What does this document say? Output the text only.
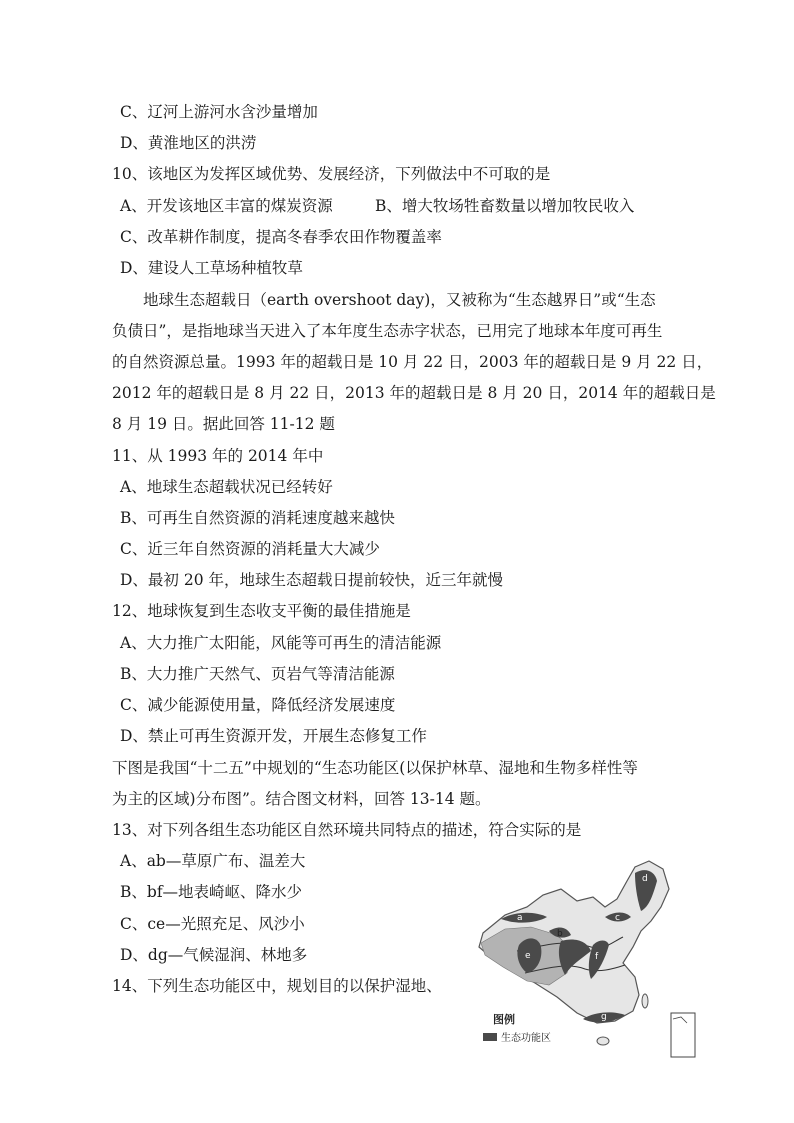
C、辽河上游河水含沙量增加
D、黄淮地区的洪涝
10、该地区为发挥区域优势、发展经济，下列做法中不可取的是
A、开发该地区丰富的煤炭资源	B、增大牧场牲畜数量以增加牧民收入
C、改革耕作制度，提高冬春季农田作物覆盖率
D、建设人工草场种植牧草
地球生态超载日（earth overshoot day)，又被称为“生态越界日”或“生态
负债日”，是指地球当天进入了本年度生态赤字状态，已用完了地球本年度可再生
的自然资源总量。1993 年的超载日是 10 月 22 日，2003 年的超载日是 9 月 22 日，
2012 年的超载日是 8 月 22 日，2013 年的超载日是 8 月 20 日，2014 年的超载日是
8 月 19 日。据此回答 11-12 题
11、从 1993 年的 2014 年中
A、地球生态超载状况已经转好
B、可再生自然资源的消耗速度越来越快
C、近三年自然资源的消耗量大大减少
D、最初 20 年，地球生态超载日提前较快，近三年就慢
12、地球恢复到生态收支平衡的最佳措施是
A、大力推广太阳能，风能等可再生的清洁能源
B、大力推广天然气、页岩气等清洁能源
C、减少能源使用量，降低经济发展速度
D、禁止可再生资源开发，开展生态修复工作
下图是我国“十二五”中规划的“生态功能区(以保护林草、湿地和生物多样性等
为主的区域)分布图”。结合图文材料，回答 13-14 题。
13、对下列各组生态功能区自然环境共同特点的描述，符合实际的是
A、ab—草原广布、温差大
B、bf—地表崎岖、降水少
C、ce—光照充足、风沙小
D、dg—气候湿润、林地多
14、下列生态功能区中，规划目的以保护湿地、
a
b
c
d
e	f
g
图例
生态功能区
